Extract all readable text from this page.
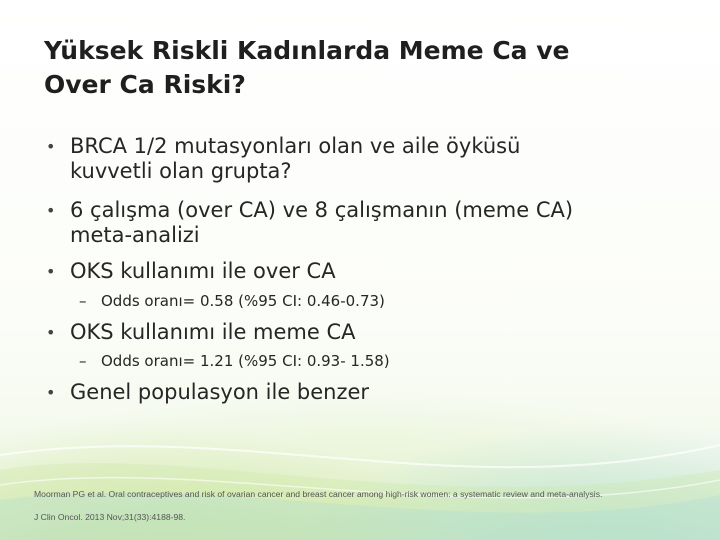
Yüksek Riskli Kadınlarda Meme Ca ve
Over Ca Riski?
• BRCA 1/2 mutasyonları olan ve aile öyküsü
kuvvetli olan grupta?
• 6 çalışma (over CA) ve 8 çalışmanın (meme CA)
meta-analizi
• OKS kullanımı ile over CA
– Odds oranı= 0.58 (%95 CI: 0.46-0.73)
• OKS kullanımı ile meme CA
– Odds oranı= 1.21 (%95 CI: 0.93- 1.58)
• Genel populasyon ile benzer
Moorman PG et al. Oral contraceptives and risk of ovarian cancer and breast cancer among high-risk women: a systematic review and meta-analysis.
J Clin Oncol. 2013 Nov;31(33):4188-98.
